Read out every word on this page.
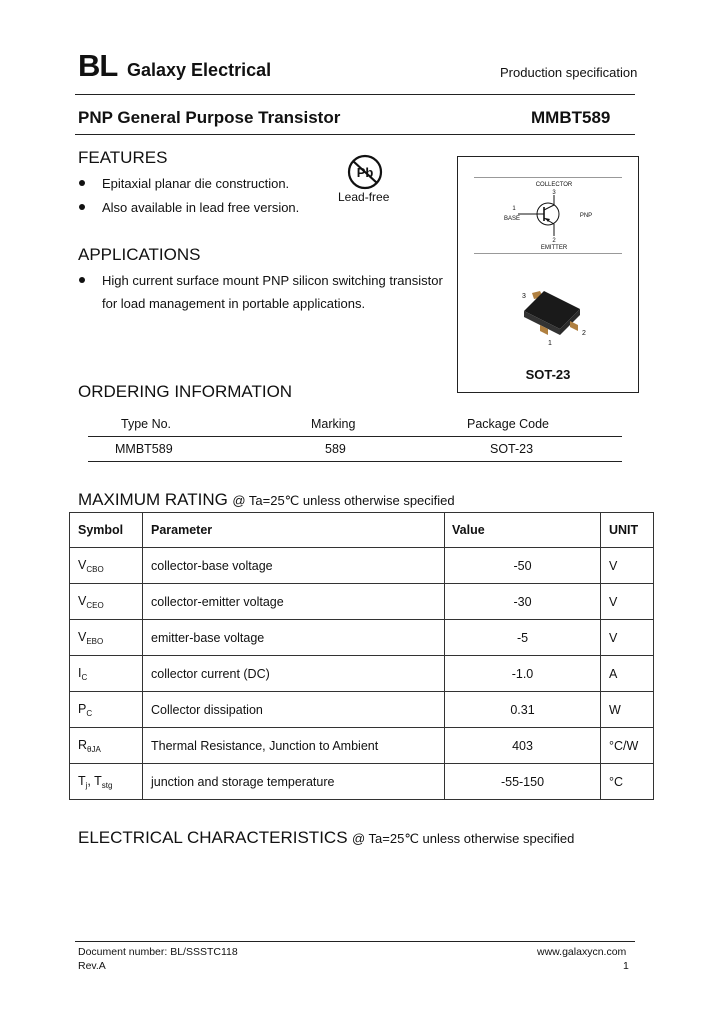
BL Galaxy Electrical	Production specification
PNP General Purpose Transistor	MMBT589
FEATURES
Epitaxial planar die construction.
Also available in lead free version.
Pb
Lead-free
APPLICATIONS
High current surface mount PNP silicon switching transistor
for load management in portable applications.
COLLECTOR
3
1
BASE	PNP
2
EMITTER
3
1
2
SOT-23
ORDERING INFORMATION
Type No.	Marking	Package Code
MMBT589	589	SOT-23
MAXIMUM RATING @ Ta=25℃ unless otherwise specified
Symbol	Parameter	Value	UNIT
$V_{CBO}$	collector-base voltage	-50	V
$V_{CEO}$	collector-emitter voltage	-30	V
$V_{EBO}$	emitter-base voltage	-5	V
$I_C$	collector current (DC)	-1.0	A
$P_C$	Collector dissipation	0.31	W
$R_{\theta JA}$	Thermal Resistance, Junction to Ambient	403	°C/W
$T_j$, $T_{stg}$	junction and storage temperature	-55-150	°C
ELECTRICAL CHARACTERISTICS @ Ta=25℃ unless otherwise specified
Document number: BL/SSSTC118
Rev.A
www.galaxycn.com
1
